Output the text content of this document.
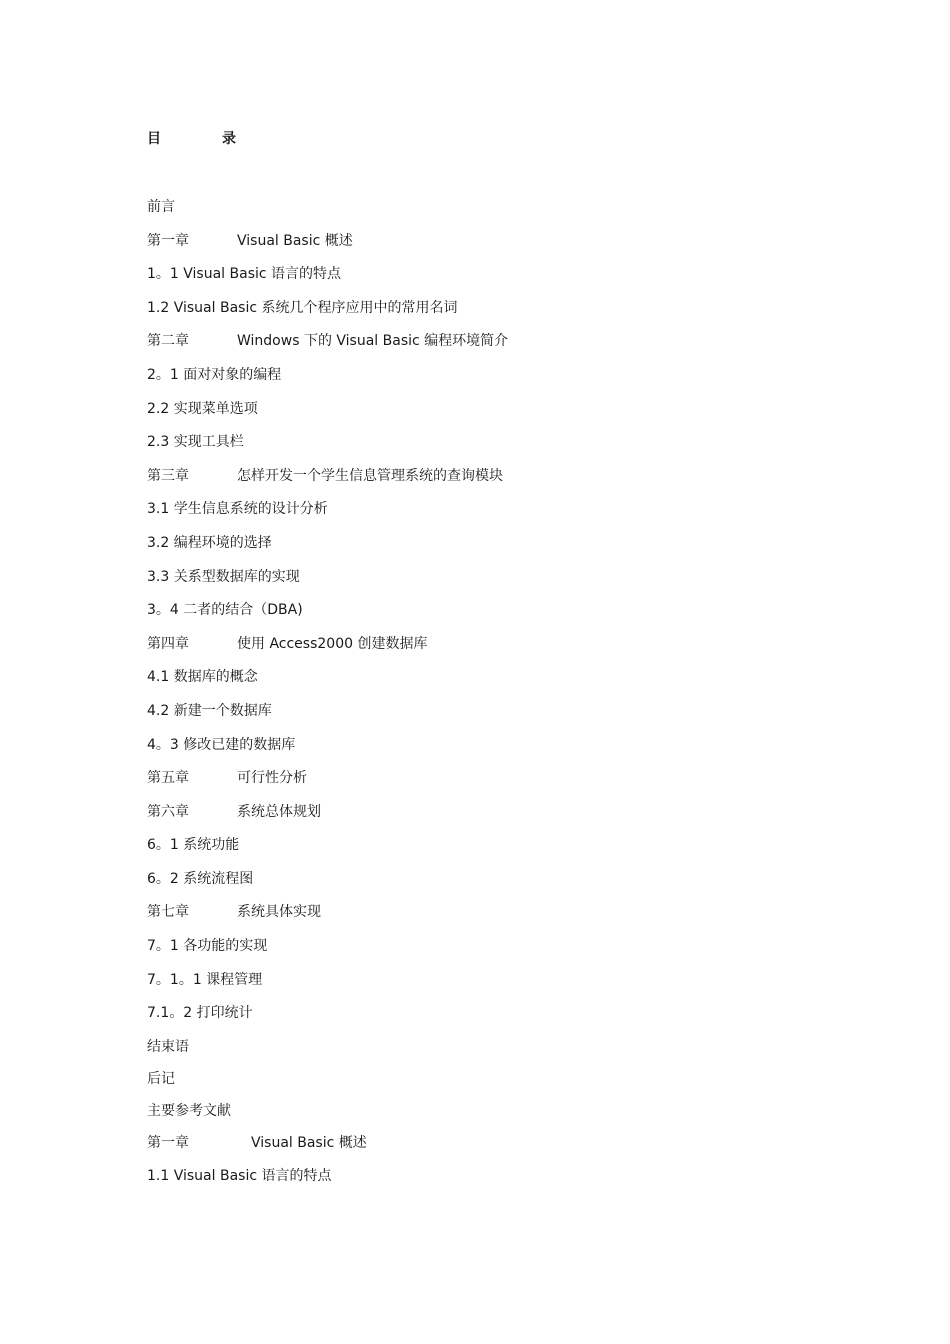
目	录
前言
第一章	Visual Basic 概述
1。1 Visual Basic 语言的特点
1.2 Visual Basic 系统几个程序应用中的常用名词
第二章	Windows 下的 Visual Basic 编程环境简介
2。1 面对对象的编程
2.2 实现菜单选项
2.3 实现工具栏
第三章	怎样开发一个学生信息管理系统的查询模块
3.1 学生信息系统的设计分析
3.2 编程环境的选择
3.3 关系型数据库的实现
3。4 二者的结合（DBA)
第四章	使用 Access2000 创建数据库
4.1 数据库的概念
4.2 新建一个数据库
4。3 修改已建的数据库
第五章	可行性分析
第六章	系统总体规划
6。1 系统功能
6。2 系统流程图
第七章	系统具体实现
7。1 各功能的实现
7。1。1 课程管理
7.1。2 打印统计
结束语
后记
主要参考文献
第一章	Visual Basic 概述
1.1 Visual Basic 语言的特点
